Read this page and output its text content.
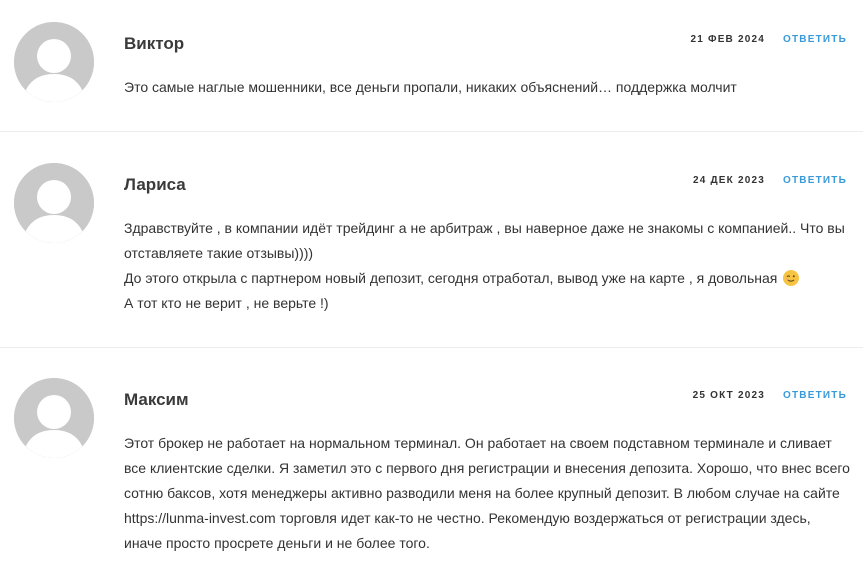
Виктор	21 ФЕВ 2024 ОТВЕТИТЬ

Это самые наглые мошенники, все деньги пропали, никаких объяснений… поддержка молчит

Лариса	24 ДЕК 2023 ОТВЕТИТЬ

Здравствуйте , в компании идёт трейдинг а не арбитраж , вы наверное даже не знакомы с компанией.. Что вы отставляете такие отзывы))))

До этого открыла с партнером новый депозит, сегодня отработал, вывод уже на карте , я довольная

А тот кто не верит , не верьте !)

Максим	25 ОКТ 2023 ОТВЕТИТЬ

Этот брокер не работает на нормальном терминал. Он работает на своем подставном терминале и сливает все клиентские сделки. Я заметил это с первого дня регистрации и внесения депозита. Хорошо, что внес всего сотню баксов, хотя менеджеры активно разводили меня на более крупный депозит. В любом случае на сайте https://lunma-invest.com торговля идет как-то не честно. Рекомендую воздержаться от регистрации здесь, иначе просто просрете деньги и не более того.
